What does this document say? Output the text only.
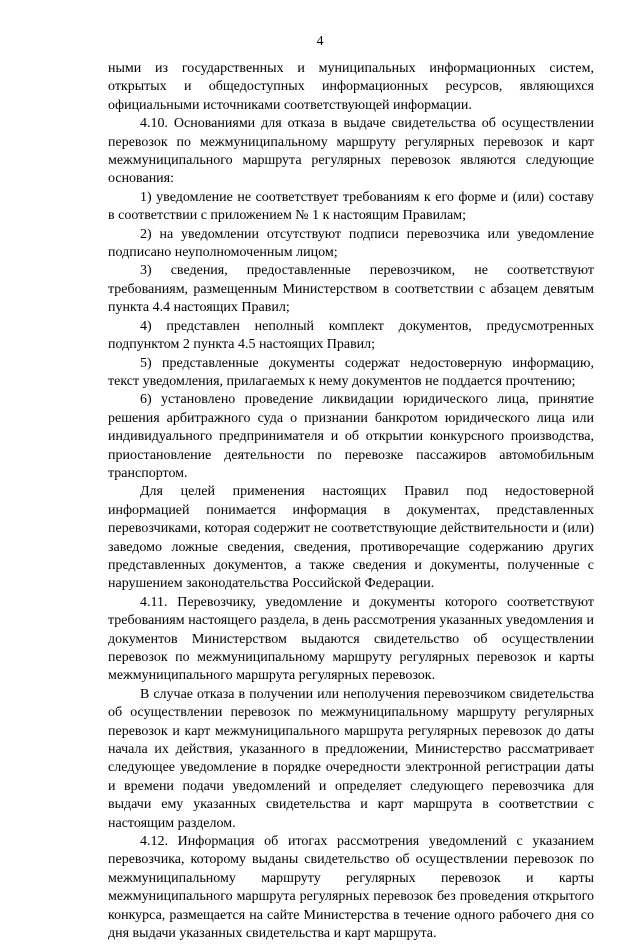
4

ными из государственных и муниципальных информационных систем, открытых и общедоступных информационных ресурсов, являющихся официальными источниками соответствующей информации.

4.10. Основаниями для отказа в выдаче свидетельства об осуществлении перевозок по межмуниципальному маршруту регулярных перевозок и карт межмуниципального маршрута регулярных перевозок являются следующие основания:

1) уведомление не соответствует требованиям к его форме и (или) составу в соответствии с приложением № 1 к настоящим Правилам;

2) на уведомлении отсутствуют подписи перевозчика или уведомление подписано неуполномоченным лицом;

3) сведения, предоставленные перевозчиком, не соответствуют требованиям, размещенным Министерством в соответствии с абзацем девятым пункта 4.4 настоящих Правил;

4) представлен неполный комплект документов, предусмотренных подпунктом 2 пункта 4.5 настоящих Правил;

5) представленные документы содержат недостоверную информацию, текст уведомления, прилагаемых к нему документов не поддается прочтению;

6) установлено проведение ликвидации юридического лица, принятие решения арбитражного суда о признании банкротом юридического лица или индивидуального предпринимателя и об открытии конкурсного производства, приостановление деятельности по перевозке пассажиров автомобильным транспортом.

Для целей применения настоящих Правил под недостоверной информацией понимается информация в документах, представленных перевозчиками, которая содержит не соответствующие действительности и (или) заведомо ложные сведения, сведения, противоречащие содержанию других представленных документов, а также сведения и документы, полученные с нарушением законодательства Российской Федерации.

4.11. Перевозчику, уведомление и документы которого соответствуют требованиям настоящего раздела, в день рассмотрения указанных уведомления и документов Министерством выдаются свидетельство об осуществлении перевозок по межмуниципальному маршруту регулярных перевозок и карты межмуниципального маршрута регулярных перевозок.

В случае отказа в получении или неполучения перевозчиком свидетельства об осуществлении перевозок по межмуниципальному маршруту регулярных перевозок и карт межмуниципального маршрута регулярных перевозок до даты начала их действия, указанного в предложении, Министерство рассматривает следующее уведомление в порядке очередности электронной регистрации даты и времени подачи уведомлений и определяет следующего перевозчика для выдачи ему указанных свидетельства и карт маршрута в соответствии с настоящим разделом.

4.12. Информация об итогах рассмотрения уведомлений с указанием перевозчика, которому выданы свидетельство об осуществлении перевозок по межмуниципальному маршруту регулярных перевозок и карты межмуниципального маршрута регулярных перевозок без проведения открытого конкурса, размещается на сайте Министерства в течение одного рабочего дня со дня выдачи указанных свидетельства и карт маршрута.
